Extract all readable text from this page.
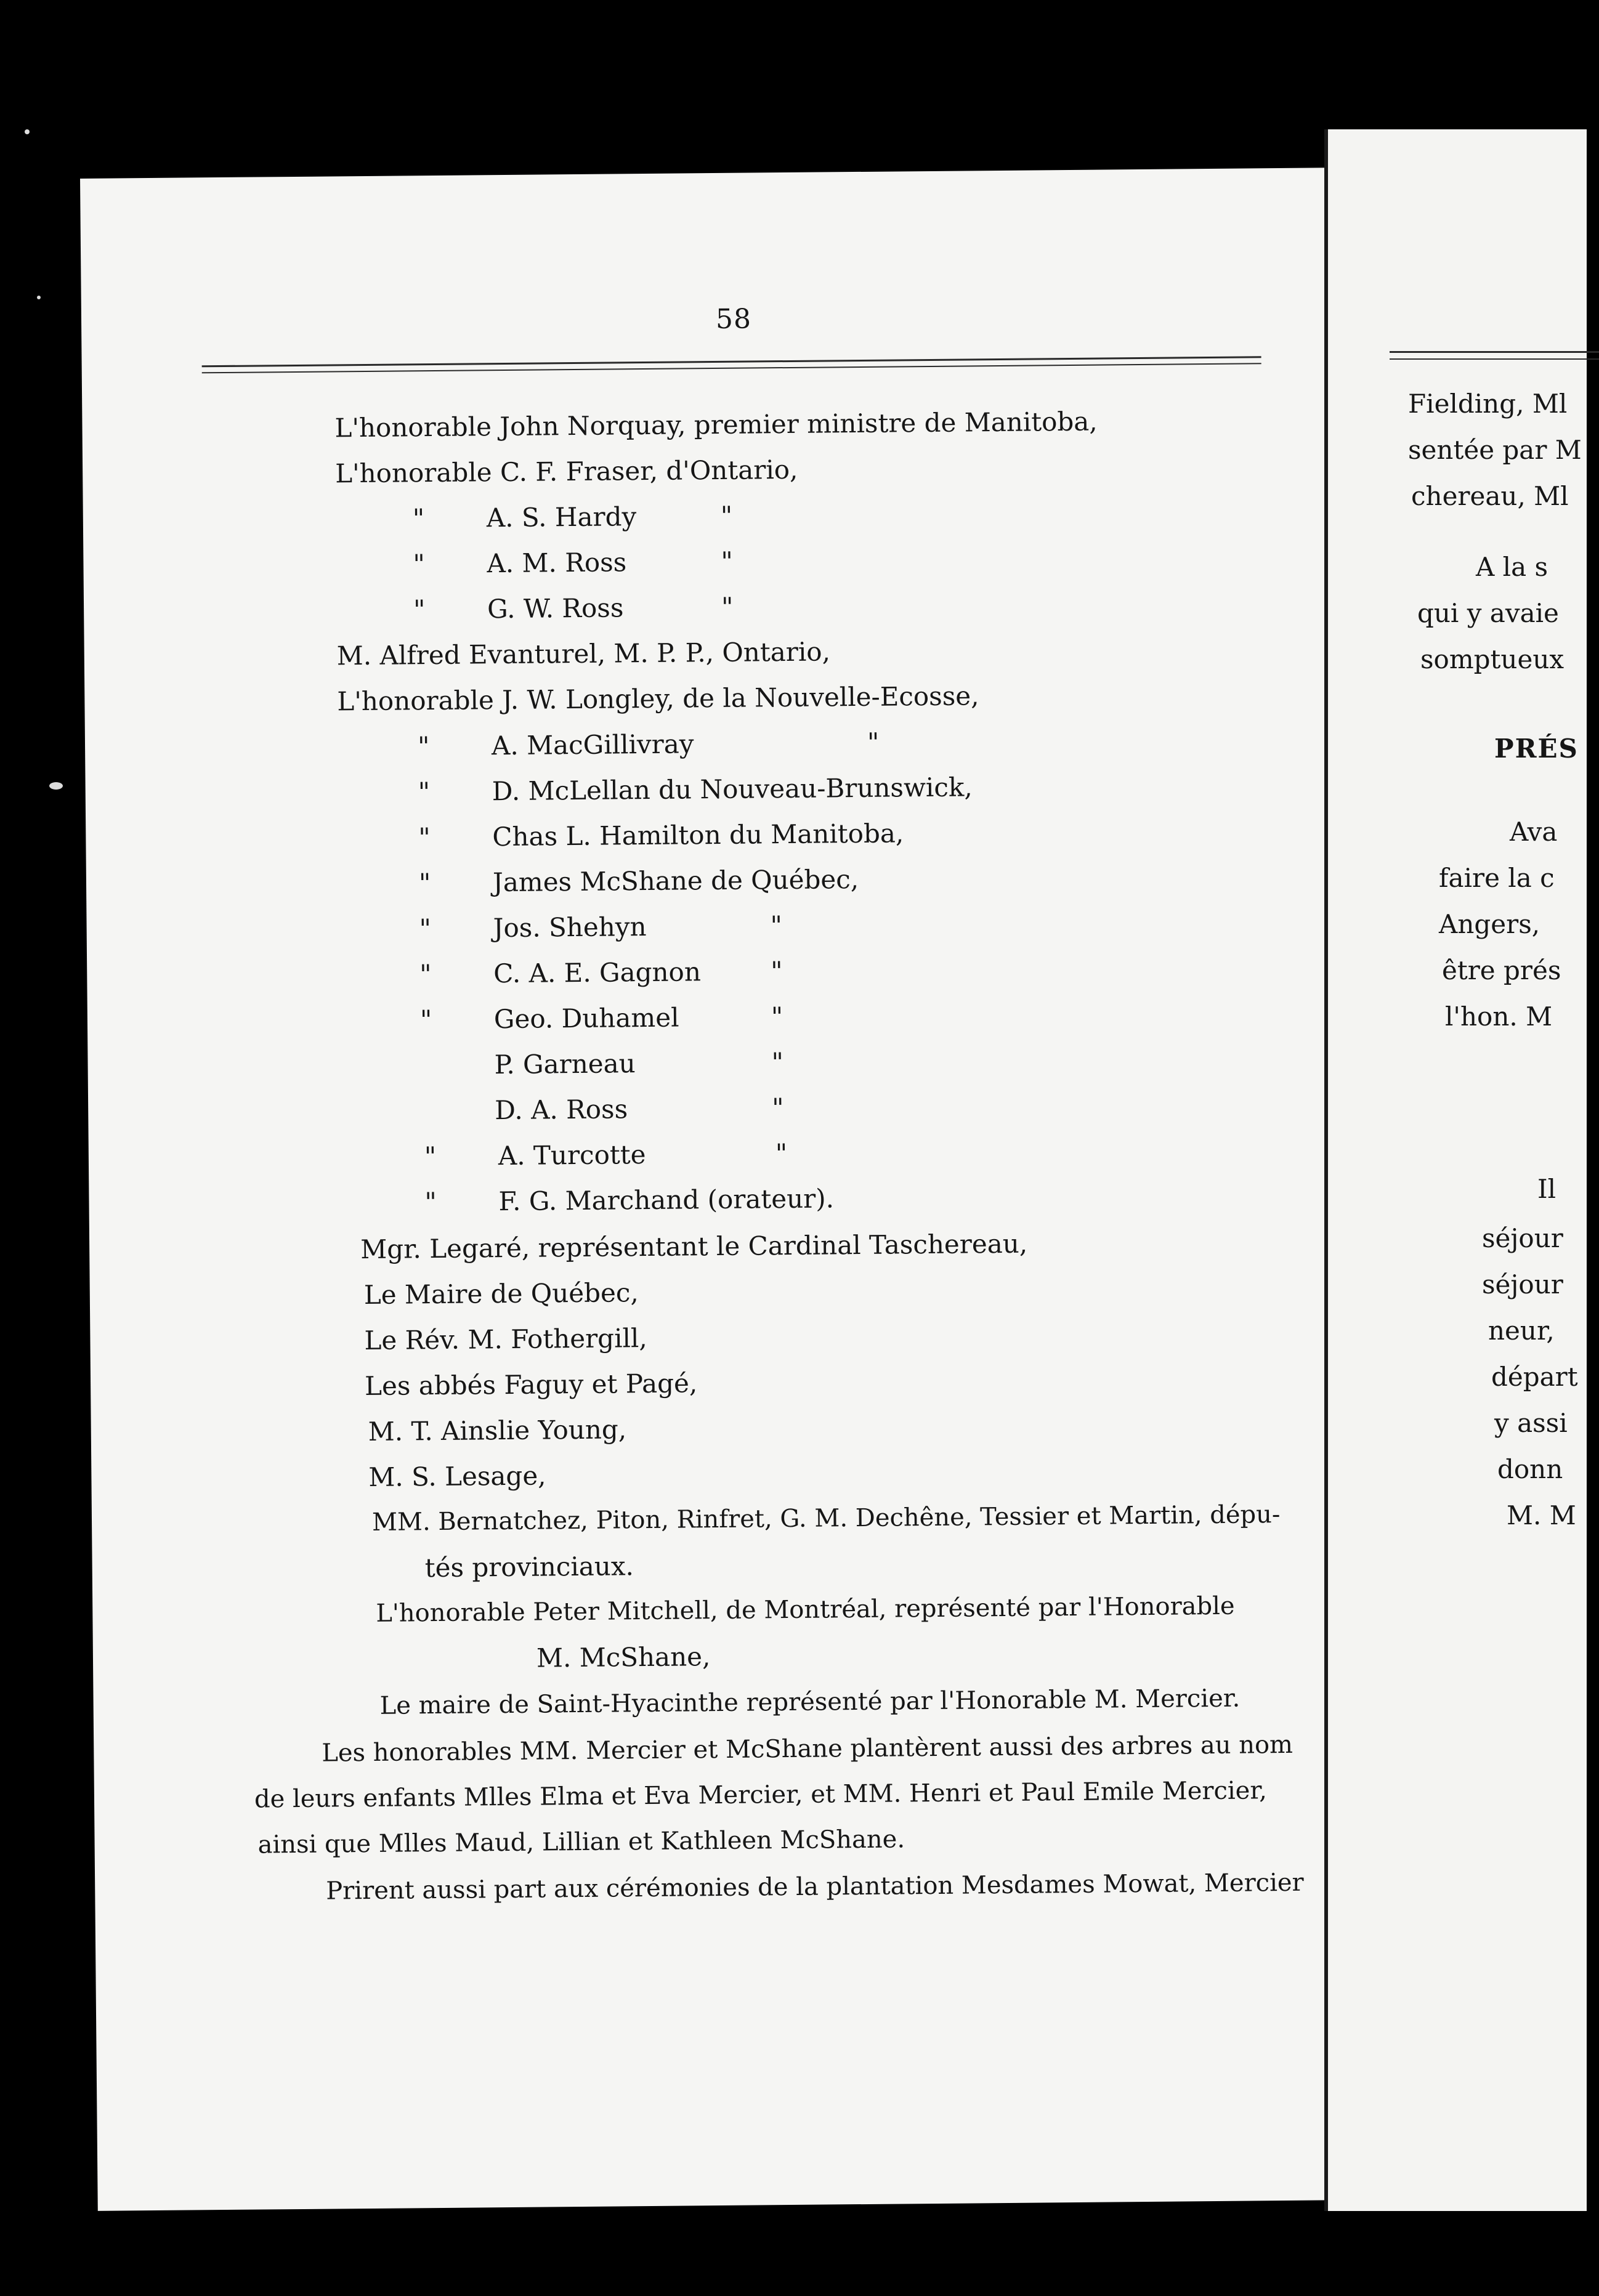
58
L'honorable John Norquay, premier ministre de Manitoba,
L'honorable C. F. Fraser, d'Ontario,
" A. S. Hardy	"
" A. M. Ross	"
" G. W. Ross	"
M. Alfred Evanturel, M. P. P., Ontario,
L'honorable J. W. Longley, de la Nouvelle-Ecosse,
" A. MacGillivray	"
" D. McLellan du Nouveau-Brunswick,
" Chas L. Hamilton du Manitoba,
" James McShane de Québec,
" Jos. Shehyn	"
" C. A. E. Gagnon	"
" Geo. Duhamel	"
P. Garneau	"
D. A. Ross	"
" A. Turcotte	"
" F. G. Marchand (orateur).
Mgr. Legaré, représentant le Cardinal Taschereau,
Le Maire de Québec,
Le Rév. M. Fothergill,
Les abbés Faguy et Pagé,
M. T. Ainslie Young,
M. S. Lesage,
MM. Bernatchez, Piton, Rinfret, G. M. Dechêne, Tessier et Martin, dépu-
tés provinciaux.
L'honorable Peter Mitchell, de Montréal, représenté par l'Honorable
M. McShane,
Le maire de Saint-Hyacinthe représenté par l'Honorable M. Mercier.
Les honorables MM. Mercier et McShane plantèrent aussi des arbres au nom
de leurs enfants Mlles Elma et Eva Mercier, et MM. Henri et Paul Emile Mercier,
ainsi que Mlles Maud, Lillian et Kathleen McShane.
Prirent aussi part aux cérémonies de la plantation Mesdames Mowat, Mercier
Fielding, Ml
sentée par M
chereau, Ml
A la s
qui y avaie
somptueux
PRÉS
Ava
faire la c
Angers,
être prés
l'hon. M
Il
séjour
séjour
neur,
départ
y assi
donn
M. M
